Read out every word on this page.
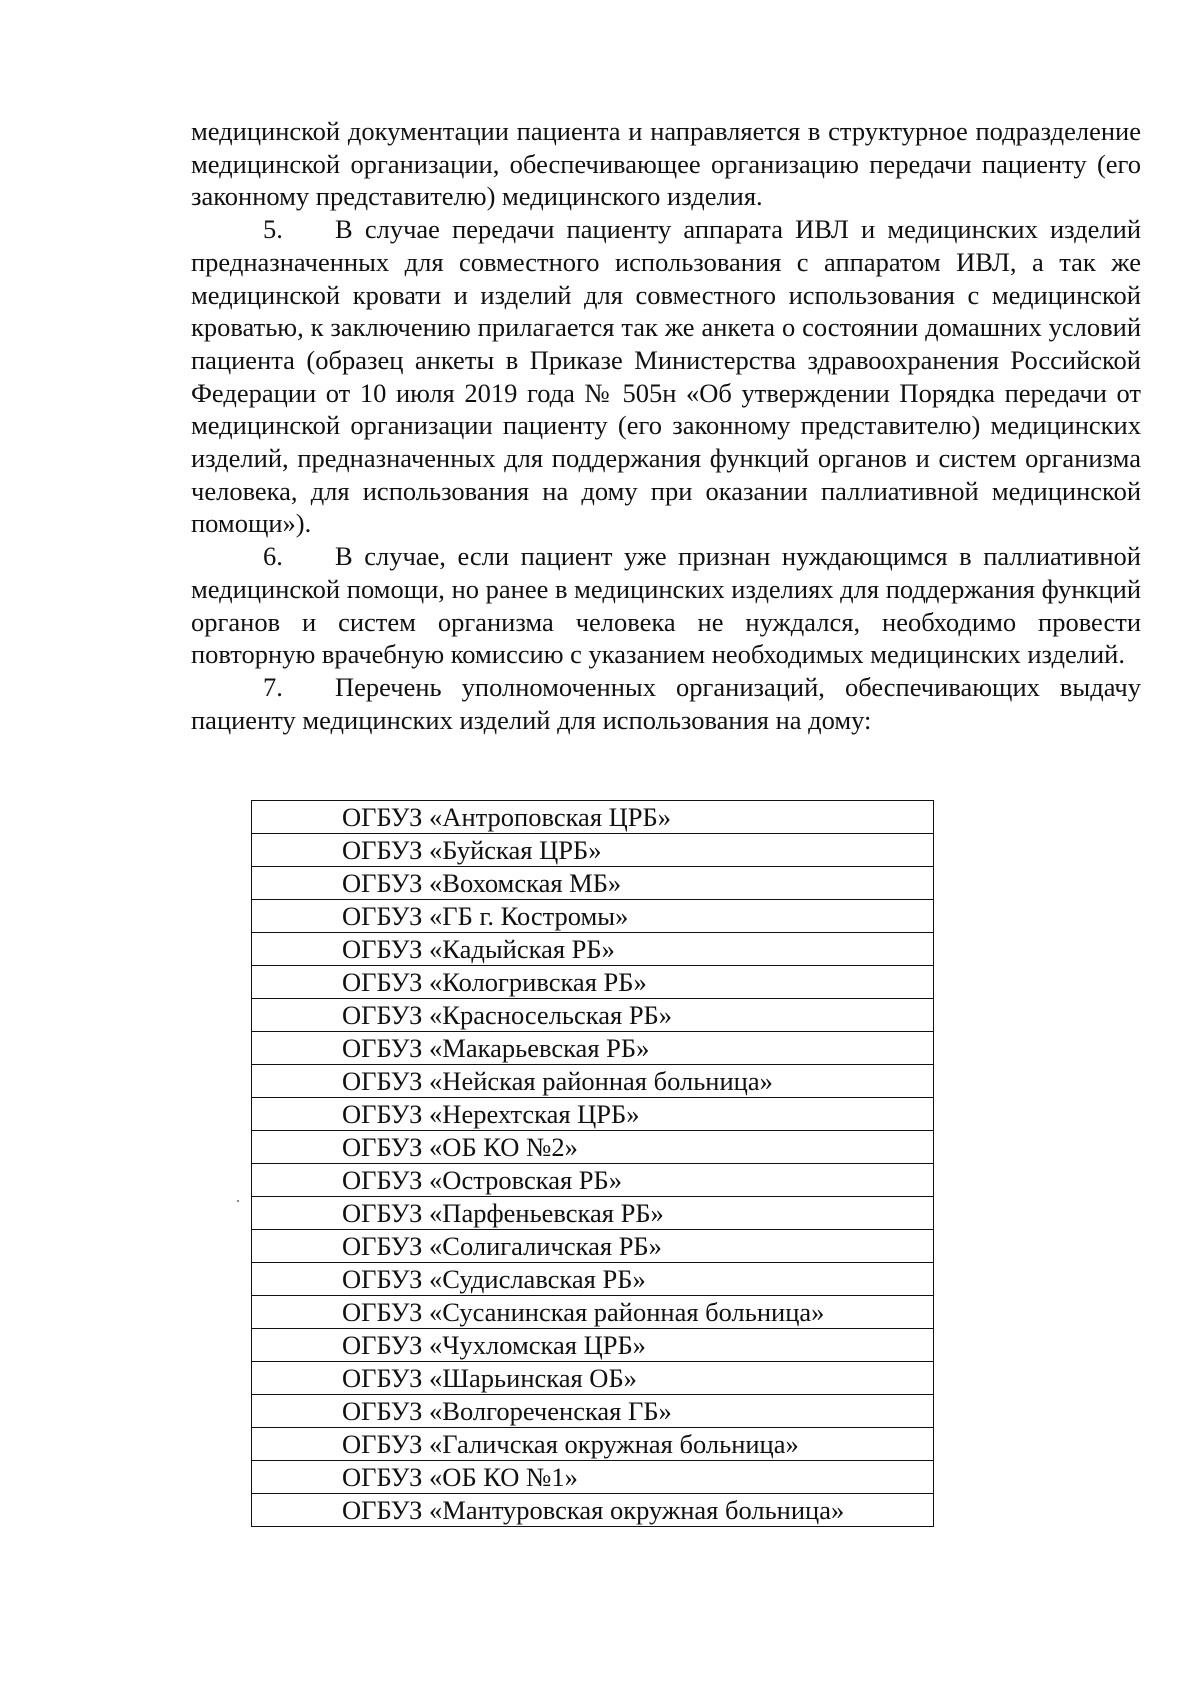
медицинской документации пациента и направляется в структурное подразделение медицинской организации, обеспечивающее организацию передачи пациенту (его законному представителю) медицинского изделия.

5. В случае передачи пациенту аппарата ИВЛ и медицинских изделий предназначенных для совместного использования с аппаратом ИВЛ, а так же медицинской кровати и изделий для совместного использования с медицинской кроватью, к заключению прилагается так же анкета о состоянии домашних условий пациента (образец анкеты в Приказе Министерства здравоохранения Российской Федерации от 10 июля 2019 года № 505н «Об утверждении Порядка передачи от медицинской организации пациенту (его законному представителю) медицинских изделий, предназначенных для поддержания функций органов и систем организма человека, для использования на дому при оказании паллиативной медицинской помощи»).

6. В случае, если пациент уже признан нуждающимся в паллиативной медицинской помощи, но ранее в медицинских изделиях для поддержания функций органов и систем организма человека не нуждался, необходимо провести повторную врачебную комиссию с указанием необходимых медицинских изделий.

7. Перечень уполномоченных организаций, обеспечивающих выдачу пациенту медицинских изделий для использования на дому:

ОГБУЗ «Антроповская ЦРБ»
ОГБУЗ «Буйская ЦРБ»
ОГБУЗ «Вохомская МБ»
ОГБУЗ «ГБ г. Костромы»
ОГБУЗ «Кадыйская РБ»
ОГБУЗ «Кологривская РБ»
ОГБУЗ «Красносельская РБ»
ОГБУЗ «Макарьевская РБ»
ОГБУЗ «Нейская районная больница»
ОГБУЗ «Нерехтская ЦРБ»
ОГБУЗ «ОБ КО №2»
ОГБУЗ «Островская РБ»
ОГБУЗ «Парфеньевская РБ»
ОГБУЗ «Солигаличская РБ»
ОГБУЗ «Судиславская РБ»
ОГБУЗ «Сусанинская районная больница»
ОГБУЗ «Чухломская ЦРБ»
ОГБУЗ «Шарьинская ОБ»
ОГБУЗ «Волгореченская ГБ»
ОГБУЗ «Галичская окружная больница»
ОГБУЗ «ОБ КО №1»
ОГБУЗ «Мантуровская окружная больница»
